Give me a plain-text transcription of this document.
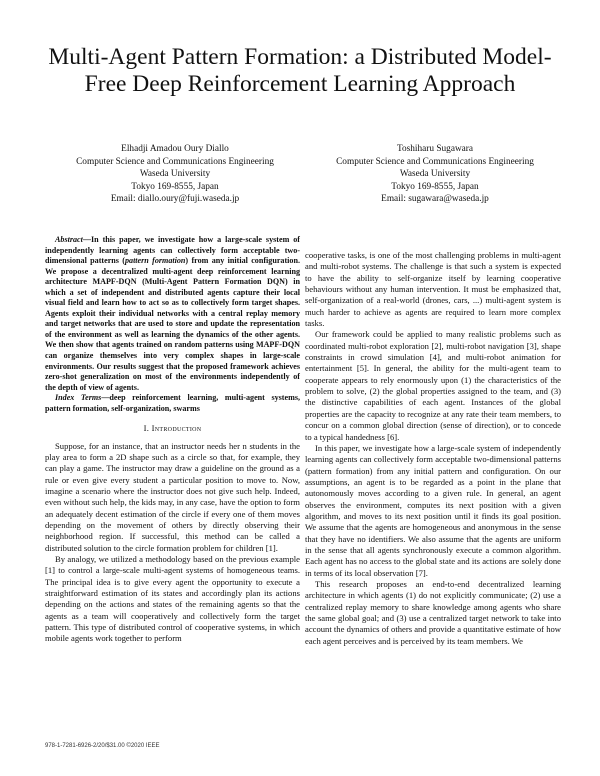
Multi-Agent Pattern Formation: a Distributed Model-Free Deep Reinforcement Learning Approach
Elhadji Amadou Oury Diallo
Computer Science and Communications Engineering
Waseda University
Tokyo 169-8555, Japan
Email: diallo.oury@fuji.waseda.jp
Toshiharu Sugawara
Computer Science and Communications Engineering
Waseda University
Tokyo 169-8555, Japan
Email: sugawara@waseda.jp

Abstract—In this paper, we investigate how a large-scale system of independently learning agents can collectively form acceptable two-dimensional patterns (pattern formation) from any initial configuration. We propose a decentralized multi-agent deep reinforcement learning architecture MAPF-DQN (Multi-Agent Pattern Formation DQN) in which a set of independent and distributed agents capture their local visual field and learn how to act so as to collectively form target shapes. Agents exploit their individual networks with a central replay memory and target networks that are used to store and update the representation of the environment as well as learning the dynamics of the other agents. We then show that agents trained on random patterns using MAPF-DQN can organize themselves into very complex shapes in large-scale environments. Our results suggest that the proposed framework achieves zero-shot generalization on most of the environments independently of the depth of view of agents.

Index Terms—deep reinforcement learning, multi-agent systems, pattern formation, self-organization, swarms

I. Introduction

Suppose, for an instance, that an instructor needs her n students in the play area to form a 2D shape such as a circle so that, for example, they can play a game. The instructor may draw a guideline on the ground as a rule or even give every student a particular position to move to. Now, imagine a scenario where the instructor does not give such help. Indeed, even without such help, the kids may, in any case, have the option to form an adequately decent estimation of the circle if every one of them moves depending on the movement of others by directly observing their neighborhood region. If successful, this method can be called a distributed solution to the circle formation problem for children [1].

By analogy, we utilized a methodology based on the previous example [1] to control a large-scale multi-agent systems of homogeneous teams. The principal idea is to give every agent the opportunity to execute a straightforward estimation of its states and accordingly plan its actions depending on the actions and states of the remaining agents so that the agents as a team will cooperatively and collectively form the target pattern. This type of distributed control of cooperative systems, in which mobile agents work together to perform

cooperative tasks, is one of the most challenging problems in multi-agent and multi-robot systems. The challenge is that such a system is expected to have the ability to self-organize itself by learning cooperative behaviours without any human intervention. It must be emphasized that, self-organization of a real-world (drones, cars, ...) multi-agent system is much harder to achieve as agents are required to learn more complex tasks.

Our framework could be applied to many realistic problems such as coordinated multi-robot exploration [2], multi-robot navigation [3], shape constraints in crowd simulation [4], and multi-robot animation for entertainment [5]. In general, the ability for the multi-agent team to cooperate appears to rely enormously upon (1) the characteristics of the problem to solve, (2) the global properties assigned to the team, and (3) the distinctive capabilities of each agent. Instances of the global properties are the capacity to recognize at any rate their team members, to concur on a common global direction (sense of direction), or to concede to a typical handedness [6].

In this paper, we investigate how a large-scale system of independently learning agents can collectively form acceptable two-dimensional patterns (pattern formation) from any initial pattern and configuration. On our assumptions, an agent is to be regarded as a point in the plane that autonomously moves according to a given rule. In general, an agent observes the environment, computes its next position with a given algorithm, and moves to its next position until it finds its goal position. We assume that the agents are homogeneous and anonymous in the sense that they have no identifiers. We also assume that the agents are uniform in the sense that all agents synchronously execute a common algorithm. Each agent has no access to the global state and its actions are solely done in terms of its local observation [7].

This research proposes an end-to-end decentralized learning architecture in which agents (1) do not explicitly communicate; (2) use a centralized replay memory to share knowledge among agents who share the same global goal; and (3) use a centralized target network to take into account the dynamics of others and provide a quantitative estimate of how each agent perceives and is perceived by its team members. We

978-1-7281-6926-2/20/$31.00 ©2020 IEEE
